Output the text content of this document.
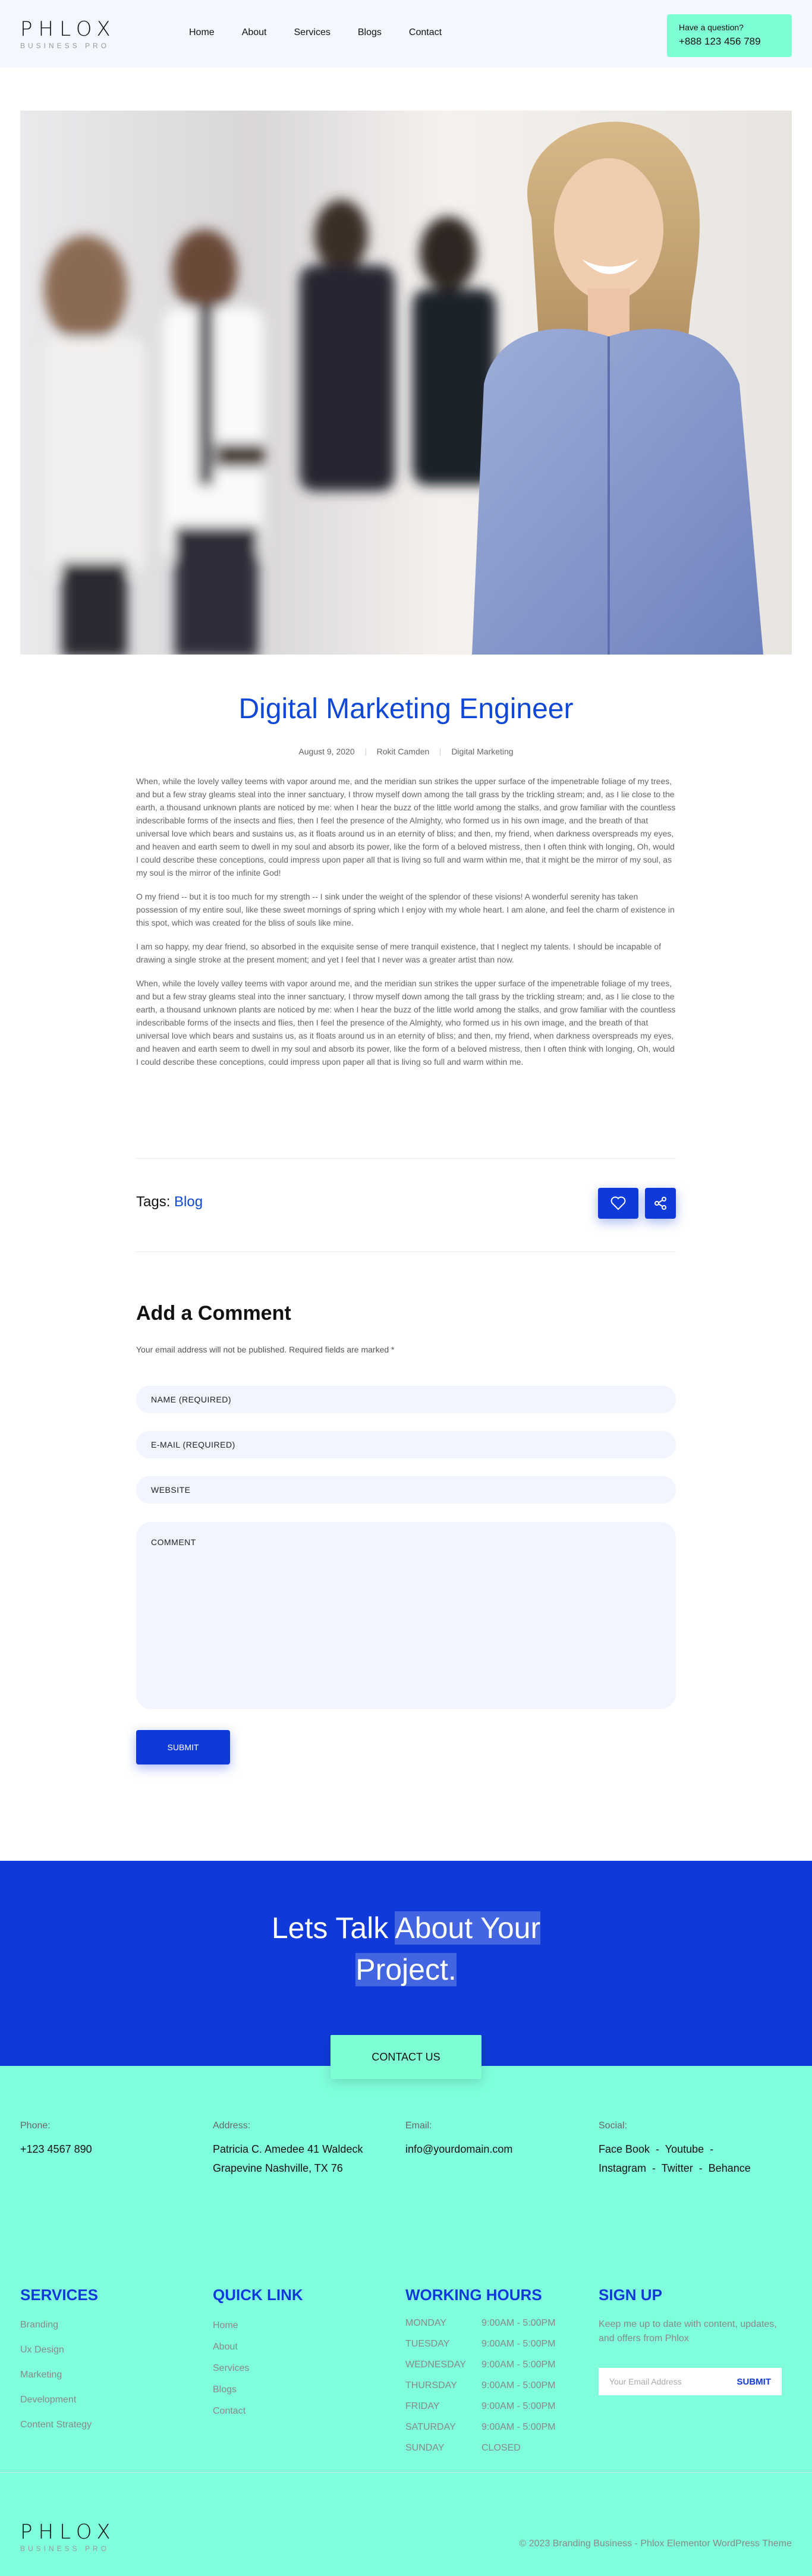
PHLOX
BUSINESS PRO
Home	About	Services	Blogs	Contact	Have a question?
+888 123 456 789
Digital Marketing Engineer
August 9, 2020	Rokit Camden	Digital Marketing

When, while the lovely valley teems with vapor around me, and the meridian sun strikes the upper surface of the impenetrable foliage of my trees, and but a few stray gleams steal into the inner sanctuary, I throw myself down among the tall grass by the trickling stream; and, as I lie close to the earth, a thousand unknown plants are noticed by me: when I hear the buzz of the little world among the stalks, and grow familiar with the countless indescribable forms of the insects and flies, then I feel the presence of the Almighty, who formed us in his own image, and the breath of that universal love which bears and sustains us, as it floats around us in an eternity of bliss; and then, my friend, when darkness overspreads my eyes, and heaven and earth seem to dwell in my soul and absorb its power, like the form of a beloved mistress, then I often think with longing, Oh, would I could describe these conceptions, could impress upon paper all that is living so full and warm within me, that it might be the mirror of my soul, as my soul is the mirror of the infinite God!

O my friend -- but it is too much for my strength -- I sink under the weight of the splendor of these visions! A wonderful serenity has taken possession of my entire soul, like these sweet mornings of spring which I enjoy with my whole heart. I am alone, and feel the charm of existence in this spot, which was created for the bliss of souls like mine.

I am so happy, my dear friend, so absorbed in the exquisite sense of mere tranquil existence, that I neglect my talents. I should be incapable of drawing a single stroke at the present moment; and yet I feel that I never was a greater artist than now.

When, while the lovely valley teems with vapor around me, and the meridian sun strikes the upper surface of the impenetrable foliage of my trees, and but a few stray gleams steal into the inner sanctuary, I throw myself down among the tall grass by the trickling stream; and, as I lie close to the earth, a thousand unknown plants are noticed by me: when I hear the buzz of the little world among the stalks, and grow familiar with the countless indescribable forms of the insects and flies, then I feel the presence of the Almighty, who formed us in his own image, and the breath of that universal love which bears and sustains us, as it floats around us in an eternity of bliss; and then, my friend, when darkness overspreads my eyes, and heaven and earth seem to dwell in my soul and absorb its power, like the form of a beloved mistress, then I often think with longing, Oh, would I could describe these conceptions, could impress upon paper all that is living so full and warm within me.

Tags: Blog
Add a Comment
Your email address will not be published. Required fields are marked *
NAME (REQUIRED)
E-MAIL (REQUIRED)
WEBSITE
COMMENT
SUBMIT
Lets Talk About Your
Project.
Phone:
+123 4567 890
Address:
Patricia C. Amedee 41 Waldeck
Grapevine Nashville, TX 76
Email:
info@yourdomain.com
Social:
Face Book  -  Youtube  -
Instagram  -  Twitter  -  Behance
SERVICES
Branding
Ux Design
Marketing
Development
Content Strategy
QUICK LINK
Home
About
Services
Blogs
Contact
WORKING HOURS
MONDAY	9:00AM - 5:00PM
TUESDAY	9:00AM - 5:00PM
WEDNESDAY	9:00AM - 5:00PM
THURSDAY	9:00AM - 5:00PM
FRIDAY	9:00AM - 5:00PM
SATURDAY	9:00AM - 5:00PM
SUNDAY	CLOSED
SIGN UP
Keep me up to date with content, updates, and offers from Phlox
PHLOX
BUSINESS PRO	© 2023 Branding Business - Phlox Elementor WordPress Theme
Your Email Address	SUBMIT
CONTACT US
